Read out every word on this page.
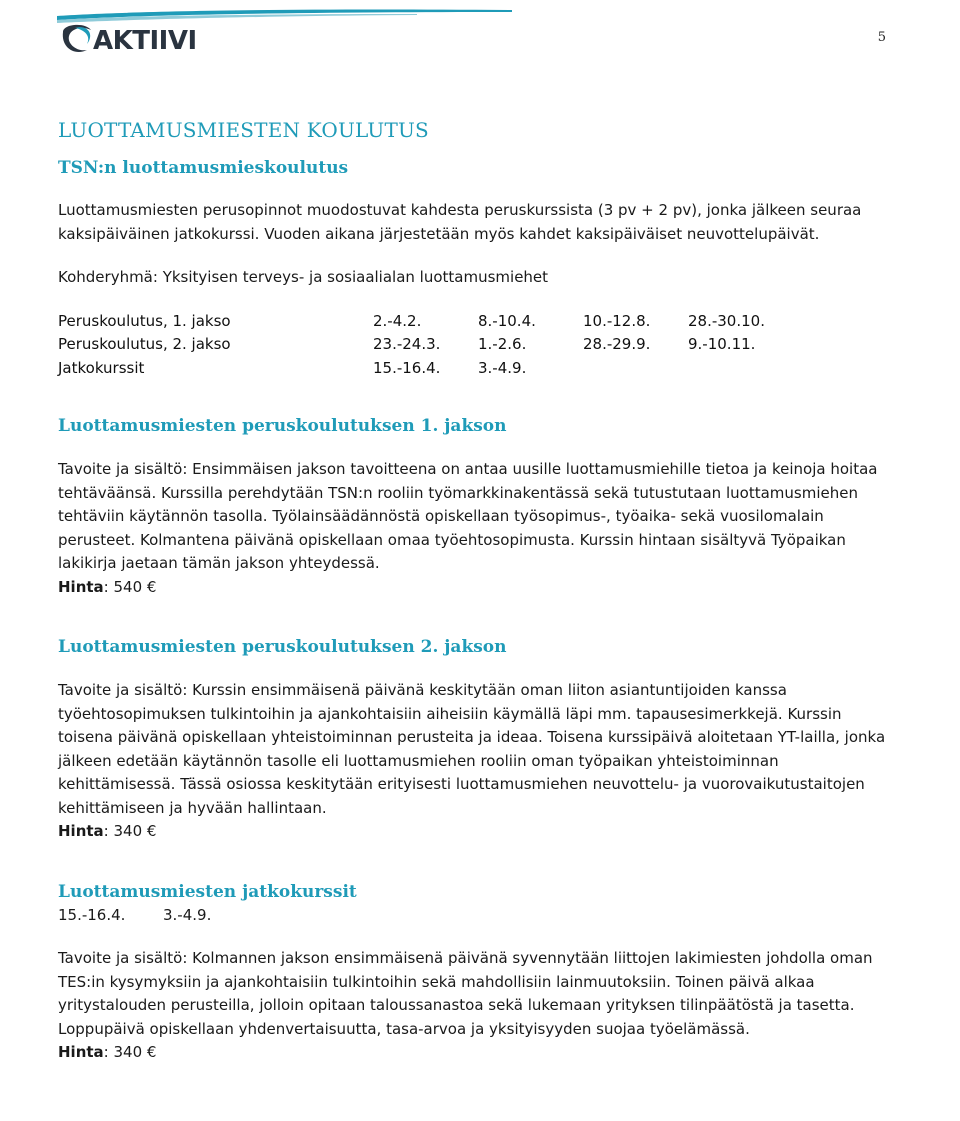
AKTIIVI	5
LUOTTAMUSMIESTEN KOULUTUS
TSN:n luottamusmieskoulutus

Luottamusmiesten perusopinnot muodostuvat kahdesta peruskurssista (3 pv + 2 pv), jonka jälkeen seuraa kaksipäiväinen jatkokurssi. Vuoden aikana järjestetään myös kahdet kaksipäiväiset neuvottelupäivät.

Kohderyhmä: Yksityisen terveys- ja sosiaalialan luottamusmiehet

Peruskoulutus, 1. jakso	2.-4.2.	8.-10.4.	10.-12.8.	28.-30.10.
Peruskoulutus, 2. jakso	23.-24.3.	1.-2.6.	28.-29.9.	9.-10.11.
Jatkokurssit	15.-16.4.	3.-4.9.
Luottamusmiesten peruskoulutuksen 1. jakson

Tavoite ja sisältö: Ensimmäisen jakson tavoitteena on antaa uusille luottamusmiehille tietoa ja keinoja hoitaa tehtäväänsä. Kurssilla perehdytään TSN:n rooliin työmarkkinakentässä sekä tutustutaan luottamusmiehen tehtäviin käytännön tasolla. Työlainsäädännöstä opiskellaan työsopimus-, työaika- sekä vuosilomalain perusteet. Kolmantena päivänä opiskellaan omaa työehtosopimusta. Kurssin hintaan sisältyvä Työpaikan lakikirja jaetaan tämän jakson yhteydessä.

Hinta: 540 €

Luottamusmiesten peruskoulutuksen 2. jakson

Tavoite ja sisältö: Kurssin ensimmäisenä päivänä keskitytään oman liiton asiantuntijoiden kanssa työehtosopimuksen tulkintoihin ja ajankohtaisiin aiheisiin käymällä läpi mm. tapausesimerkkejä. Kurssin toisena päivänä opiskellaan yhteistoiminnan perusteita ja ideaa. Toisena kurssipäivä aloitetaan YT-lailla, jonka jälkeen edetään käytännön tasolle eli luottamusmiehen rooliin oman työpaikan yhteistoiminnan kehittämisessä. Tässä osiossa keskitytään erityisesti luottamusmiehen neuvottelu- ja vuorovaikutustaitojen kehittämiseen ja hyvään hallintaan.

Hinta: 340 €

Luottamusmiesten jatkokurssit

15.-16.4.	3.-4.9.

Tavoite ja sisältö: Kolmannen jakson ensimmäisenä päivänä syvennytään liittojen lakimiesten johdolla oman TES:in kysymyksiin ja ajankohtaisiin tulkintoihin sekä mahdollisiin lainmuutoksiin. Toinen päivä alkaa yritystalouden perusteilla, jolloin opitaan taloussanastoa sekä lukemaan yrityksen tilinpäätöstä ja tasetta. Loppupäivä opiskellaan yhdenvertaisuutta, tasa-arvoa ja yksityisyyden suojaa työelämässä.

Hinta: 340 €
